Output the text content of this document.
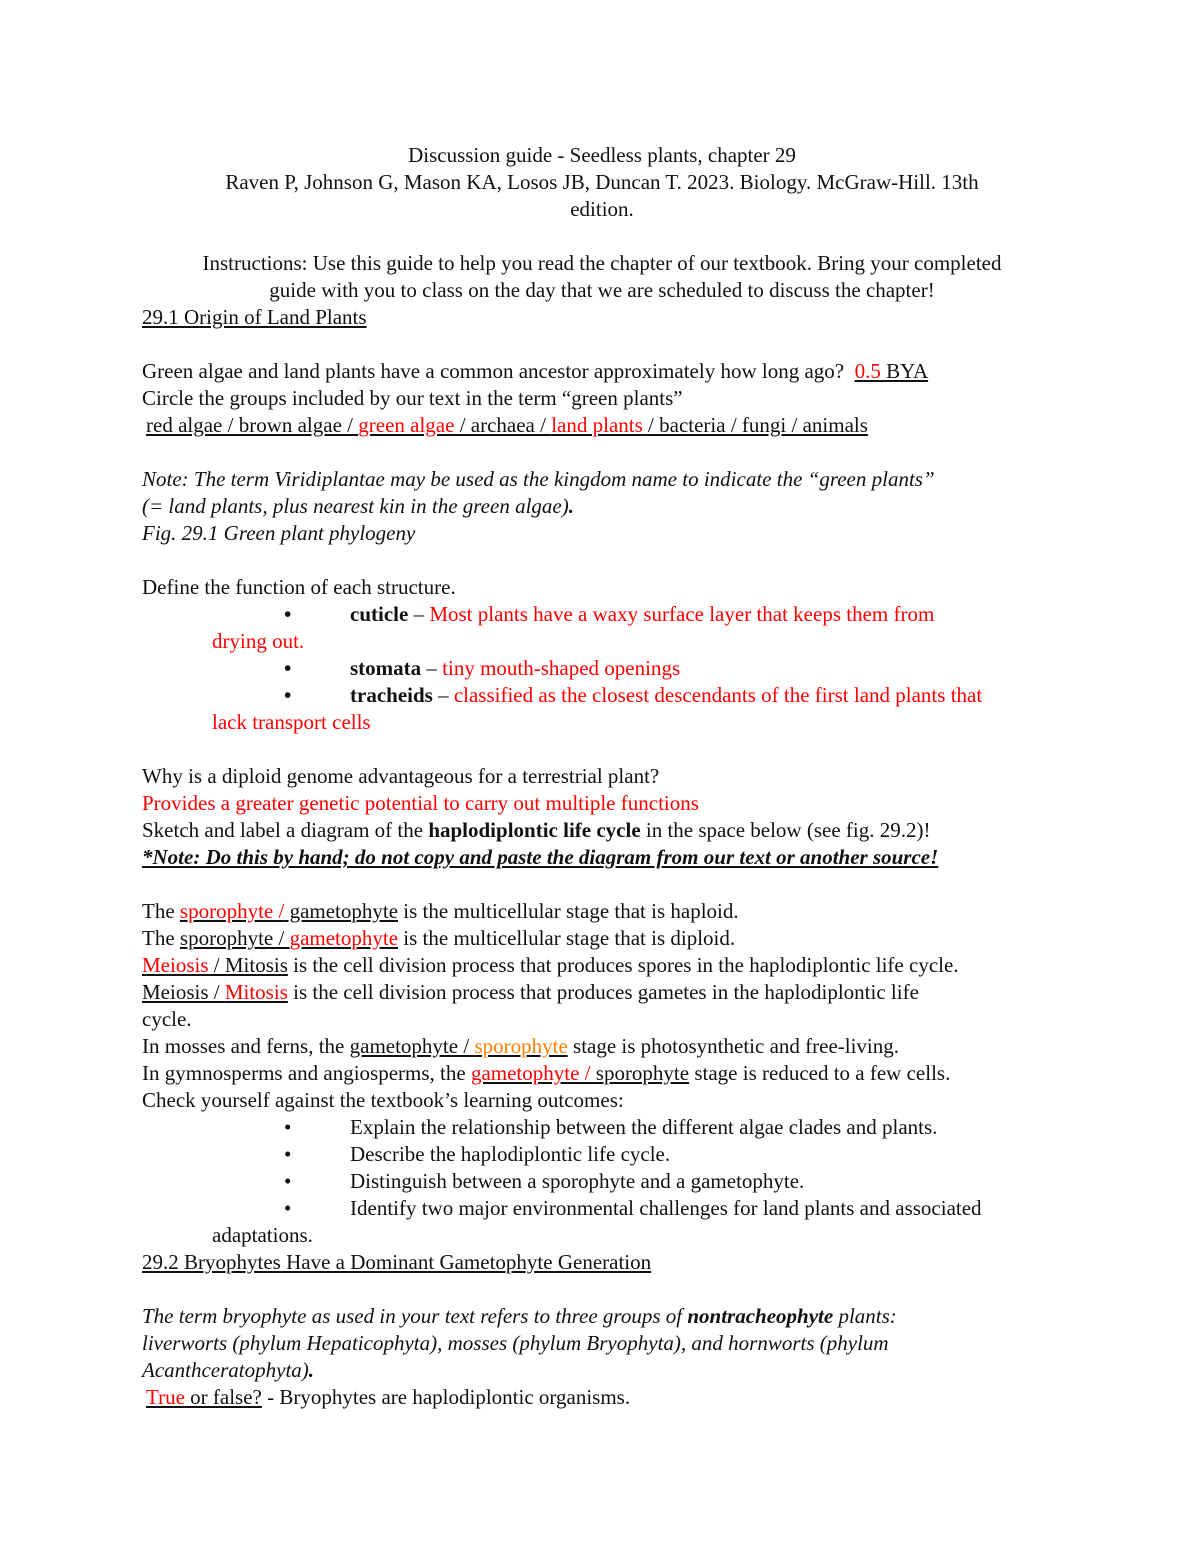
Discussion guide - Seedless plants, chapter 29
Raven P, Johnson G, Mason KA, Losos JB, Duncan T. 2023. Biology. McGraw-Hill. 13th
edition.
Instructions: Use this guide to help you read the chapter of our textbook. Bring your completed
guide with you to class on the day that we are scheduled to discuss the chapter!
29.1 Origin of Land Plants
Green algae and land plants have a common ancestor approximately how long ago? 0.5 BYA
Circle the groups included by our text in the term “green plants”
red algae / brown algae / green algae / archaea / land plants / bacteria / fungi / animals
Note: The term Viridiplantae may be used as the kingdom name to indicate the “green plants”
(= land plants, plus nearest kin in the green algae).
Fig. 29.1 Green plant phylogeny
Define the function of each structure.
•	cuticle – Most plants have a waxy surface layer that keeps them from
drying out.
•	stomata – tiny mouth-shaped openings
•	tracheids – classified as the closest descendants of the first land plants that
lack transport cells
Why is a diploid genome advantageous for a terrestrial plant?
Provides a greater genetic potential to carry out multiple functions
Sketch and label a diagram of the haplodiplontic life cycle in the space below (see fig. 29.2)!
*Note: Do this by hand; do not copy and paste the diagram from our text or another source!
The sporophyte / gametophyte is the multicellular stage that is haploid.
The sporophyte / gametophyte is the multicellular stage that is diploid.
Meiosis / Mitosis is the cell division process that produces spores in the haplodiplontic life cycle.
Meiosis / Mitosis is the cell division process that produces gametes in the haplodiplontic life
cycle.
In mosses and ferns, the gametophyte / sporophyte stage is photosynthetic and free-living.
In gymnosperms and angiosperms, the gametophyte / sporophyte stage is reduced to a few cells.
Check yourself against the textbook’s learning outcomes:
•	Explain the relationship between the different algae clades and plants.
•	Describe the haplodiplontic life cycle.
•	Distinguish between a sporophyte and a gametophyte.
•	Identify two major environmental challenges for land plants and associated
adaptations.
29.2 Bryophytes Have a Dominant Gametophyte Generation
The term bryophyte as used in your text refers to three groups of nontracheophyte plants:
liverworts (phylum Hepaticophyta), mosses (phylum Bryophyta), and hornworts (phylum
Acanthceratophyta).
True or false? - Bryophytes are haplodiplontic organisms.
